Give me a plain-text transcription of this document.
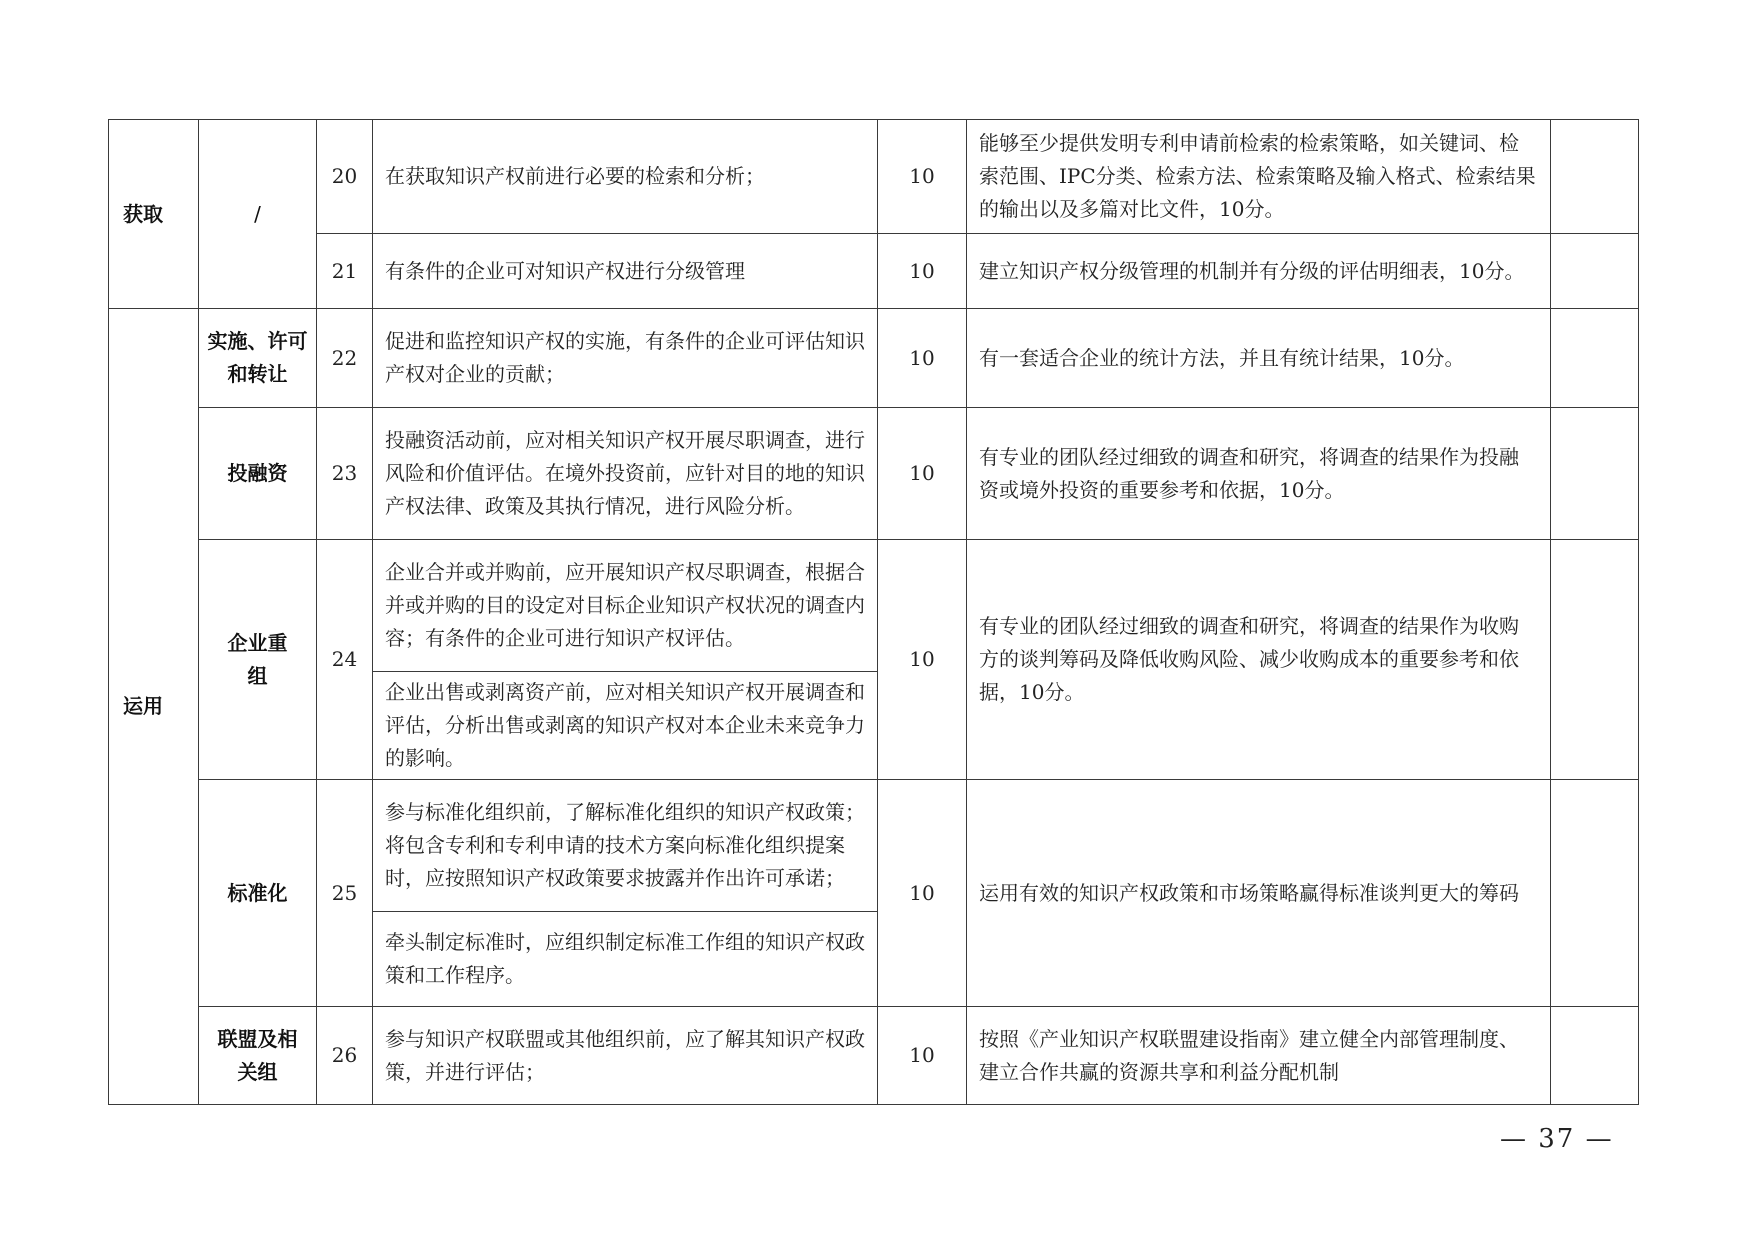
获取	/	20	在获取知识产权前进行必要的检索和分析；	10	能够至少提供发明专利申请前检索的检索策略，如关键词、检索范围、IPC分类、检索方法、检索策略及输入格式、检索结果的输出以及多篇对比文件，10分。	
		21	有条件的企业可对知识产权进行分级管理	10	建立知识产权分级管理的机制并有分级的评估明细表，10分。	
运用	实施、许可和转让	22	促进和监控知识产权的实施，有条件的企业可评估知识产权对企业的贡献；	10	有一套适合企业的统计方法，并且有统计结果，10分。	
	投融资	23	投融资活动前，应对相关知识产权开展尽职调查，进行风险和价值评估。在境外投资前，应针对目的地的知识产权法律、政策及其执行情况，进行风险分析。	10	有专业的团队经过细致的调查和研究，将调查的结果作为投融资或境外投资的重要参考和依据，10分。	
	企业重组	24	企业合并或并购前，应开展知识产权尽职调查，根据合并或并购的目的设定对目标企业知识产权状况的调查内容；有条件的企业可进行知识产权评估。	10	有专业的团队经过细致的调查和研究，将调查的结果作为收购方的谈判筹码及降低收购风险、减少收购成本的重要参考和依据，10分。	
			企业出售或剥离资产前，应对相关知识产权开展调查和评估，分析出售或剥离的知识产权对本企业未来竞争力的影响。			
	标准化	25	参与标准化组织前，了解标准化组织的知识产权政策；将包含专利和专利申请的技术方案向标准化组织提案时，应按照知识产权政策要求披露并作出许可承诺；	10	运用有效的知识产权政策和市场策略赢得标准谈判更大的筹码	
			牵头制定标准时，应组织制定标准工作组的知识产权政策和工作程序。			
	联盟及相关组	26	参与知识产权联盟或其他组织前，应了解其知识产权政策，并进行评估；	10	按照《产业知识产权联盟建设指南》建立健全内部管理制度、建立合作共赢的资源共享和利益分配机制	
— 37 —
